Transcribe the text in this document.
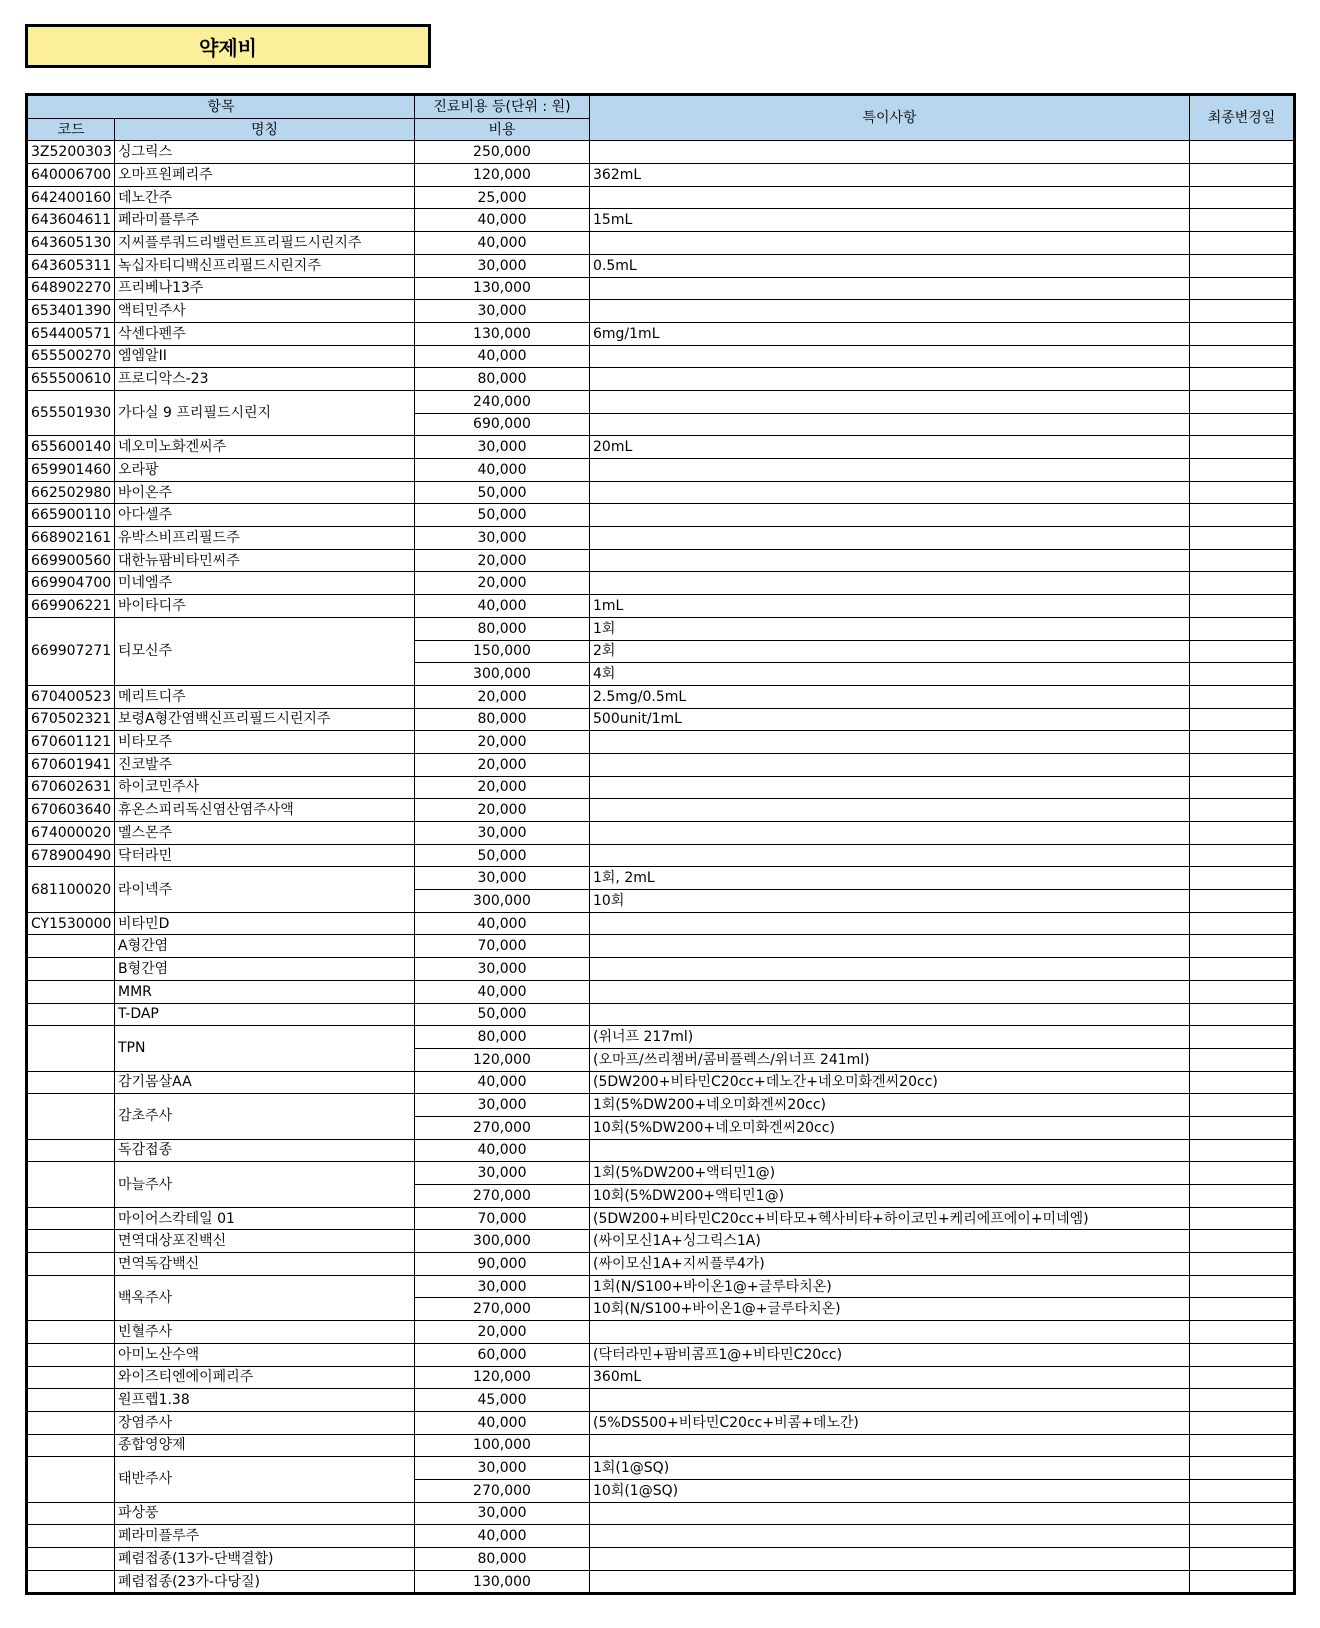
약제비
항목		진료비용 등(단위 : 원)	특이사항	최종변경일
코드	명칭	비용		
3Z5200303	싱그릭스	250,000		
640006700	오마프원페리주	120,000	362mL	
642400160	데노간주	25,000		
643604611	페라미플루주	40,000	15mL	
643605130	지씨플루쿼드리밸런트프리필드시린지주	40,000		
643605311	녹십자티디백신프리필드시린지주	30,000	0.5mL	
648902270	프리베나13주	130,000		
653401390	액티민주사	30,000		
654400571	삭센다펜주	130,000	6mg/1mL	
655500270	엠엠알II	40,000		
655500610	프로디악스-23	80,000		
655501930	가다실 9 프리필드시린지	240,000		
		690,000		
655600140	네오미노화겐씨주	30,000	20mL	
659901460	오라팡	40,000		
662502980	바이온주	50,000		
665900110	아다셀주	50,000		
668902161	유박스비프리필드주	30,000		
669900560	대한뉴팜비타민씨주	20,000		
669904700	미네엠주	20,000		
669906221	바이타디주	40,000	1mL	
669907271	티모신주	80,000	1회	
		150,000	2회	
		300,000	4회	
670400523	메리트디주	20,000	2.5mg/0.5mL	
670502321	보령A형간염백신프리필드시린지주	80,000	500unit/1mL	
670601121	비타모주	20,000		
670601941	진코발주	20,000		
670602631	하이코민주사	20,000		
670603640	휴온스피리독신염산염주사액	20,000		
674000020	멜스몬주	30,000		
678900490	닥터라민	50,000		
681100020	라이넥주	30,000	1회, 2mL	
		300,000	10회	
CY1530000	비타민D	40,000		
	A형간염	70,000		
	B형간염	30,000		
	MMR	40,000		
	T-DAP	50,000		
	TPN	80,000	(위너프 217ml)	
		120,000	(오마프/쓰리챔버/콤비플렉스/위너프 241ml)	
	감기몸살AA	40,000	(5DW200+비타민C20cc+데노간+네오미화겐씨20cc)	
	감초주사	30,000	1회(5%DW200+네오미화겐씨20cc)	
		270,000	10회(5%DW200+네오미화겐씨20cc)	
	독감접종	40,000		
	마늘주사	30,000	1회(5%DW200+액티민1@)	
		270,000	10회(5%DW200+액티민1@)	
	마이어스칵테일 01	70,000	(5DW200+비타민C20cc+비타모+헥사비타+하이코민+케리에프에이+미네엠)	
	면역대상포진백신	300,000	(싸이모신1A+싱그릭스1A)	
	면역독감백신	90,000	(싸이모신1A+지씨플루4가)	
	백옥주사	30,000	1회(N/S100+바이온1@+글루타치온)	
		270,000	10회(N/S100+바이온1@+글루타치온)	
	빈혈주사	20,000		
	아미노산수액	60,000	(닥터라민+팜비콤프1@+비타민C20cc)	
	와이즈티엔에이페리주	120,000	360mL	
	원프렙1.38	45,000		
	장염주사	40,000	(5%DS500+비타민C20cc+비콤+데노간)	
	종합영양제	100,000		
	태반주사	30,000	1회(1@SQ)	
		270,000	10회(1@SQ)	
	파상풍	30,000		
	페라미플루주	40,000		
	폐렴접종(13가-단백결합)	80,000		
	폐렴접종(23가-다당질)	130,000		
